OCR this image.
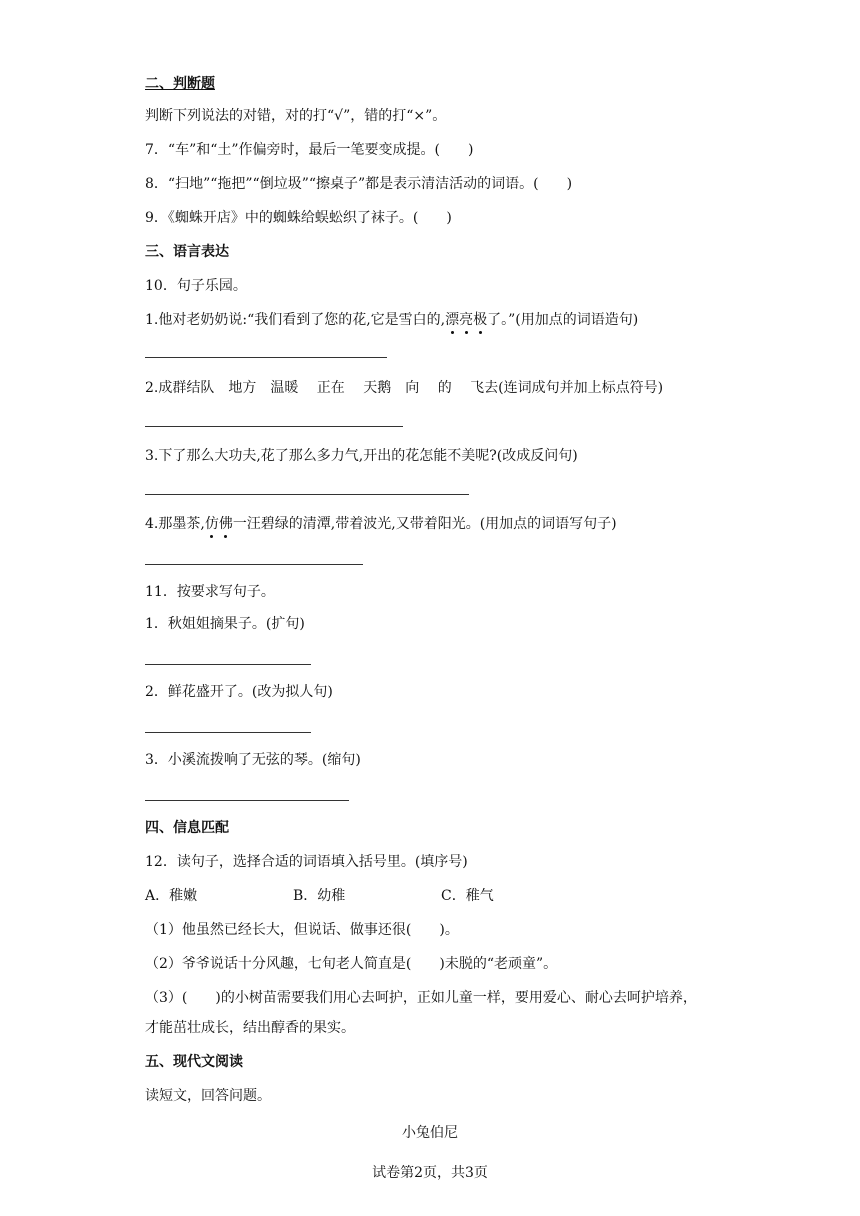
二、判断题
判断下列说法的对错，对的打“√”，错的打“×”。
7．“车”和“土”作偏旁时，最后一笔要变成提。(　　)
8．“扫地”“拖把”“倒垃圾”“擦桌子”都是表示清洁活动的词语。(　　)
9．《蜘蛛开店》中的蜘蛛给蜈蚣织了袜子。(　　)
三、语言表达
10．句子乐园。
1.他对老奶奶说:“我们看到了您的花,它是雪白的,漂亮极了。”(用加点的词语造句)
2.成群结队　地方　温暖　 正在　 天鹅　向　 的　 飞去(连词成句并加上标点符号)
3.下了那么大功夫,花了那么多力气,开出的花怎能不美呢?(改成反问句)
4.那墨茶,仿佛一汪碧绿的清潭,带着波光,又带着阳光。(用加点的词语写句子)
11．按要求写句子。
1．秋姐姐摘果子。(扩句)
2．鲜花盛开了。(改为拟人句)
3．小溪流拨响了无弦的琴。(缩句)
四、信息匹配
12．读句子，选择合适的词语填入括号里。(填序号)
A．稚嫩	B．幼稚	C．稚气
（1）他虽然已经长大，但说话、做事还很(　　)。
（2）爷爷说话十分风趣，七旬老人简直是(　　)未脱的“老顽童”。
（3）(　　)的小树苗需要我们用心去呵护，正如儿童一样，要用爱心、耐心去呵护培养，
才能茁壮成长，结出醇香的果实。
五、现代文阅读
读短文，回答问题。
小兔伯尼
试卷第2页，共3页
